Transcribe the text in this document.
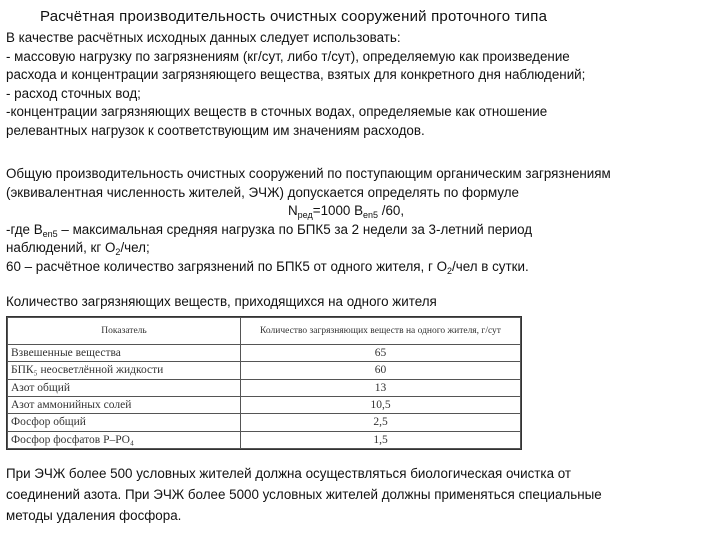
Расчётная производительность очистных сооружений проточного типа
В качестве расчётных исходных данных следует использовать:
- массовую нагрузку по загрязнениям (кг/сут, либо т/сут), определяемую как произведение
расхода и концентрации загрязняющего вещества, взятых для конкретного дня наблюдений;
- расход сточных вод;
-концентрации загрязняющих веществ в сточных водах, определяемые как отношение
релевантных нагрузок к соответствующим им значениям расходов.
Общую производительность очистных сооружений по поступающим органическим загрязнениям
(эквивалентная численность жителей, ЭЧЖ) допускается определять по формуле
$N_{ред}=1000$ $B_{en5}$ /60,
-где $B_{en5}$ – максимальная средняя нагрузка по БПК5 за 2 недели за 3-летний период
наблюдений, кг $O_2$/чел;
60 – расчётное количество загрязнений по БПК5 от одного жителя, г $O_2$/чел в сутки.
Количество загрязняющих веществ, приходящихся на одного жителя
Показатель	Количество загрязняющих веществ на одного жителя, г/сут
Взвешенные вещества	65
БПК₅ неосветлённой жидкости	60
Азот общий	13
Азот аммонийных солей	10,5
Фосфор общий	2,5
Фосфор фосфатов P–PO₄	1,5
При ЭЧЖ более 500 условных жителей должна осуществляться биологическая очистка от
соединений азота. При ЭЧЖ более 5000 условных жителей должны применяться специальные
методы удаления фосфора.
